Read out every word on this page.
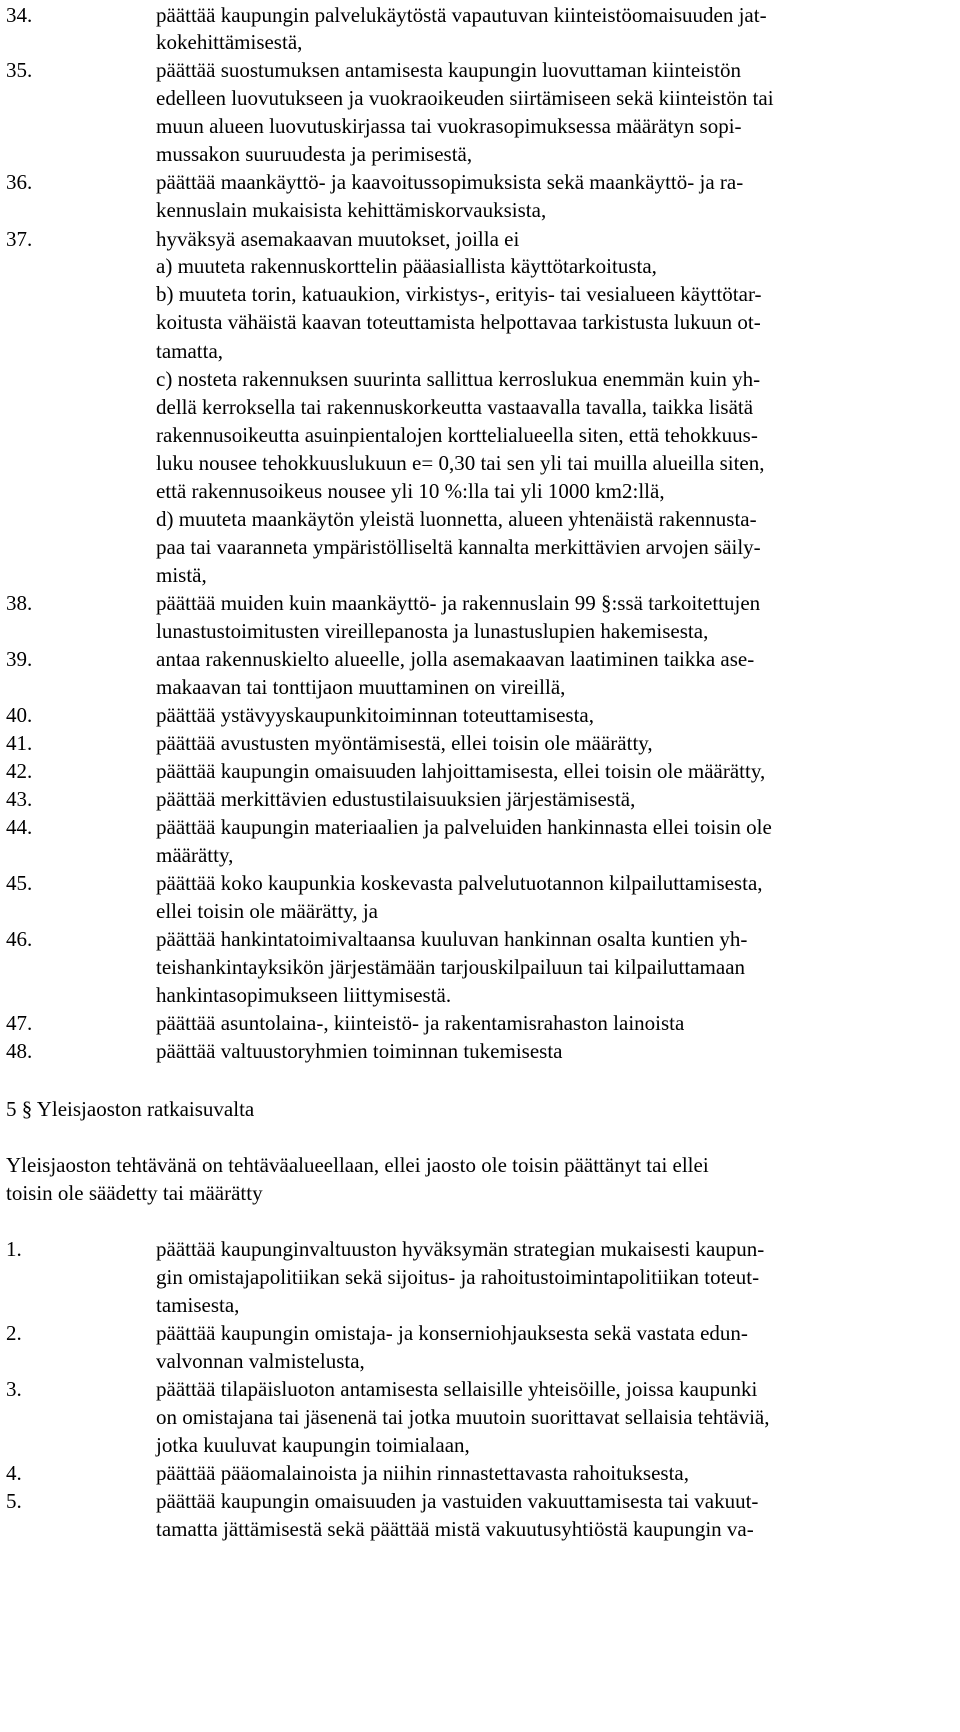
34.	päättää kaupungin palvelukäytöstä vapautuvan kiinteistöomaisuuden jat-
kokehittämisestä,
35.	päättää suostumuksen antamisesta kaupungin luovuttaman kiinteistön
edelleen luovutukseen ja vuokraoikeuden siirtämiseen sekä kiinteistön tai
muun alueen luovutuskirjassa tai vuokrasopimuksessa määrätyn sopi-
mussakon suuruudesta ja perimisestä,
36.	päättää maankäyttö- ja kaavoitussopimuksista sekä maankäyttö- ja ra-
kennuslain mukaisista kehittämiskorvauksista,
37.	hyväksyä asemakaavan muutokset, joilla ei
a) muuteta rakennuskorttelin pääasiallista käyttötarkoitusta,
b) muuteta torin, katuaukion, virkistys-, erityis- tai vesialueen käyttötar-
koitusta vähäistä kaavan toteuttamista helpottavaa tarkistusta lukuun ot-
tamatta,
c) nosteta rakennuksen suurinta sallittua kerroslukua enemmän kuin yh-
dellä kerroksella tai rakennuskorkeutta vastaavalla tavalla, taikka lisätä
rakennusoikeutta asuinpientalojen korttelialueella siten, että tehokkuus-
luku nousee tehokkuuslukuun e= 0,30 tai sen yli tai muilla alueilla siten,
että rakennusoikeus nousee yli 10 %:lla tai yli 1000 km2:llä,
d) muuteta maankäytön yleistä luonnetta, alueen yhtenäistä rakennusta-
paa tai vaaranneta ympäristölliseltä kannalta merkittävien arvojen säily-
mistä,
38.	päättää muiden kuin maankäyttö- ja rakennuslain 99 §:ssä tarkoitettujen
lunastustoimitusten vireillepanosta ja lunastuslupien hakemisesta,
39.	antaa rakennuskielto alueelle, jolla asemakaavan laatiminen taikka ase-
makaavan tai tonttijaon muuttaminen on vireillä,
40.	päättää ystävyyskaupunkitoiminnan toteuttamisesta,
41.	päättää avustusten myöntämisestä, ellei toisin ole määrätty,
42.	päättää kaupungin omaisuuden lahjoittamisesta, ellei toisin ole määrätty,
43.	päättää merkittävien edustustilaisuuksien järjestämisestä,
44.	päättää kaupungin materiaalien ja palveluiden hankinnasta ellei toisin ole
määrätty,
45.	päättää koko kaupunkia koskevasta palvelutuotannon kilpailuttamisesta,
ellei toisin ole määrätty, ja
46.	päättää hankintatoimivaltaansa kuuluvan hankinnan osalta kuntien yh-
teishankintayksikön järjestämään tarjouskilpailuun tai kilpailuttamaan
hankintasopimukseen liittymisestä.
47.	päättää asuntolaina-, kiinteistö- ja rakentamisrahaston lainoista
48.	päättää valtuustoryhmien toiminnan tukemisesta
5 § Yleisjaoston ratkaisuvalta
Yleisjaoston tehtävänä on tehtäväalueellaan, ellei jaosto ole toisin päättänyt tai ellei
toisin ole säädetty tai määrätty
1.	päättää kaupunginvaltuuston hyväksymän strategian mukaisesti kaupun-
gin omistajapolitiikan sekä sijoitus- ja rahoitustoimintapolitiikan toteut-
tamisesta,
2.	päättää kaupungin omistaja- ja konserniohjauksesta sekä vastata edun-
valvonnan valmistelusta,
3.	päättää tilapäisluoton antamisesta sellaisille yhteisöille, joissa kaupunki
on omistajana tai jäsenenä tai jotka muutoin suorittavat sellaisia tehtäviä,
jotka kuuluvat kaupungin toimialaan,
4.	päättää pääomalainoista ja niihin rinnastettavasta rahoituksesta,
5.	päättää kaupungin omaisuuden ja vastuiden vakuuttamisesta tai vakuut-
tamatta jättämisestä sekä päättää mistä vakuutusyhtiöstä kaupungin va-
